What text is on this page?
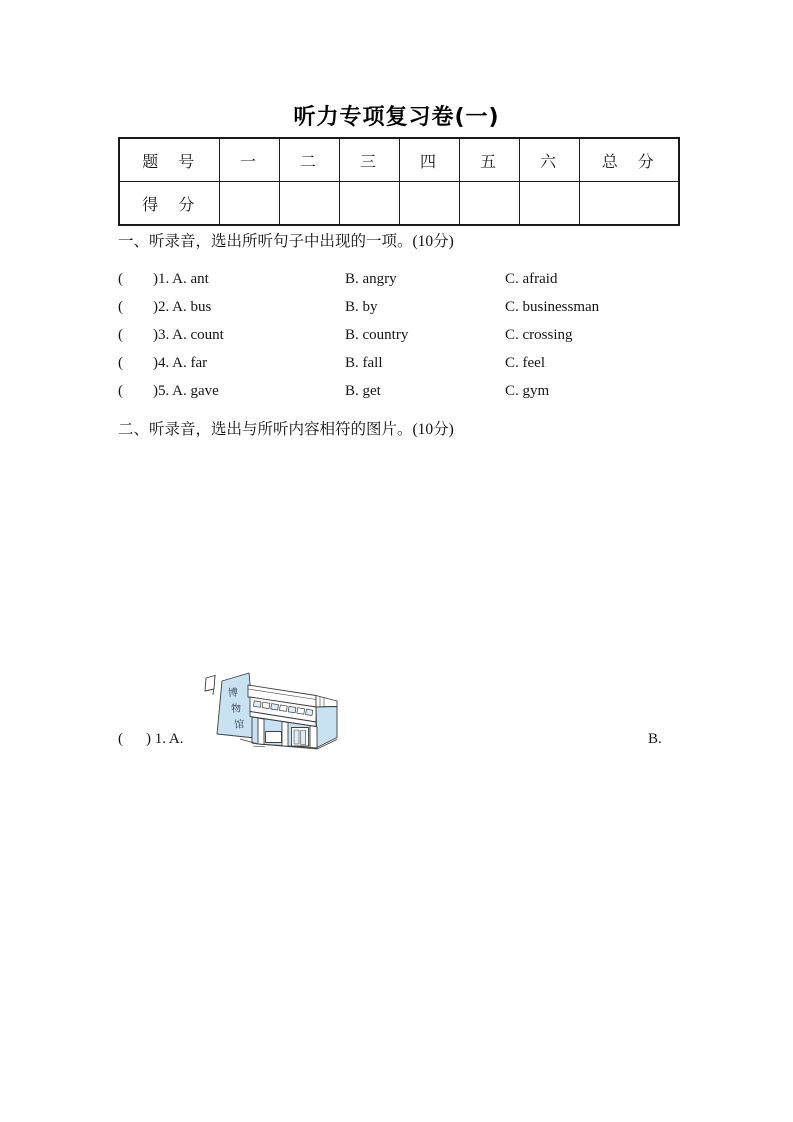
听力专项复习卷(一)
题　号	一	二	三	四	五	六	总　分
得　分							
一、听录音，选出所听句子中出现的一项。(10分)
( )1. A. ant	B. angry	C. afraid
( )2. A. bus	B. by	C. businessman
( )3. A. count	B. country	C. crossing
( )4. A. far	B. fall	C. feel
( )5. A. gave	B. get	C. gym
二、听录音，选出与所听内容相符的图片。(10分)
博
物
馆
( ) 1. A.	B.
